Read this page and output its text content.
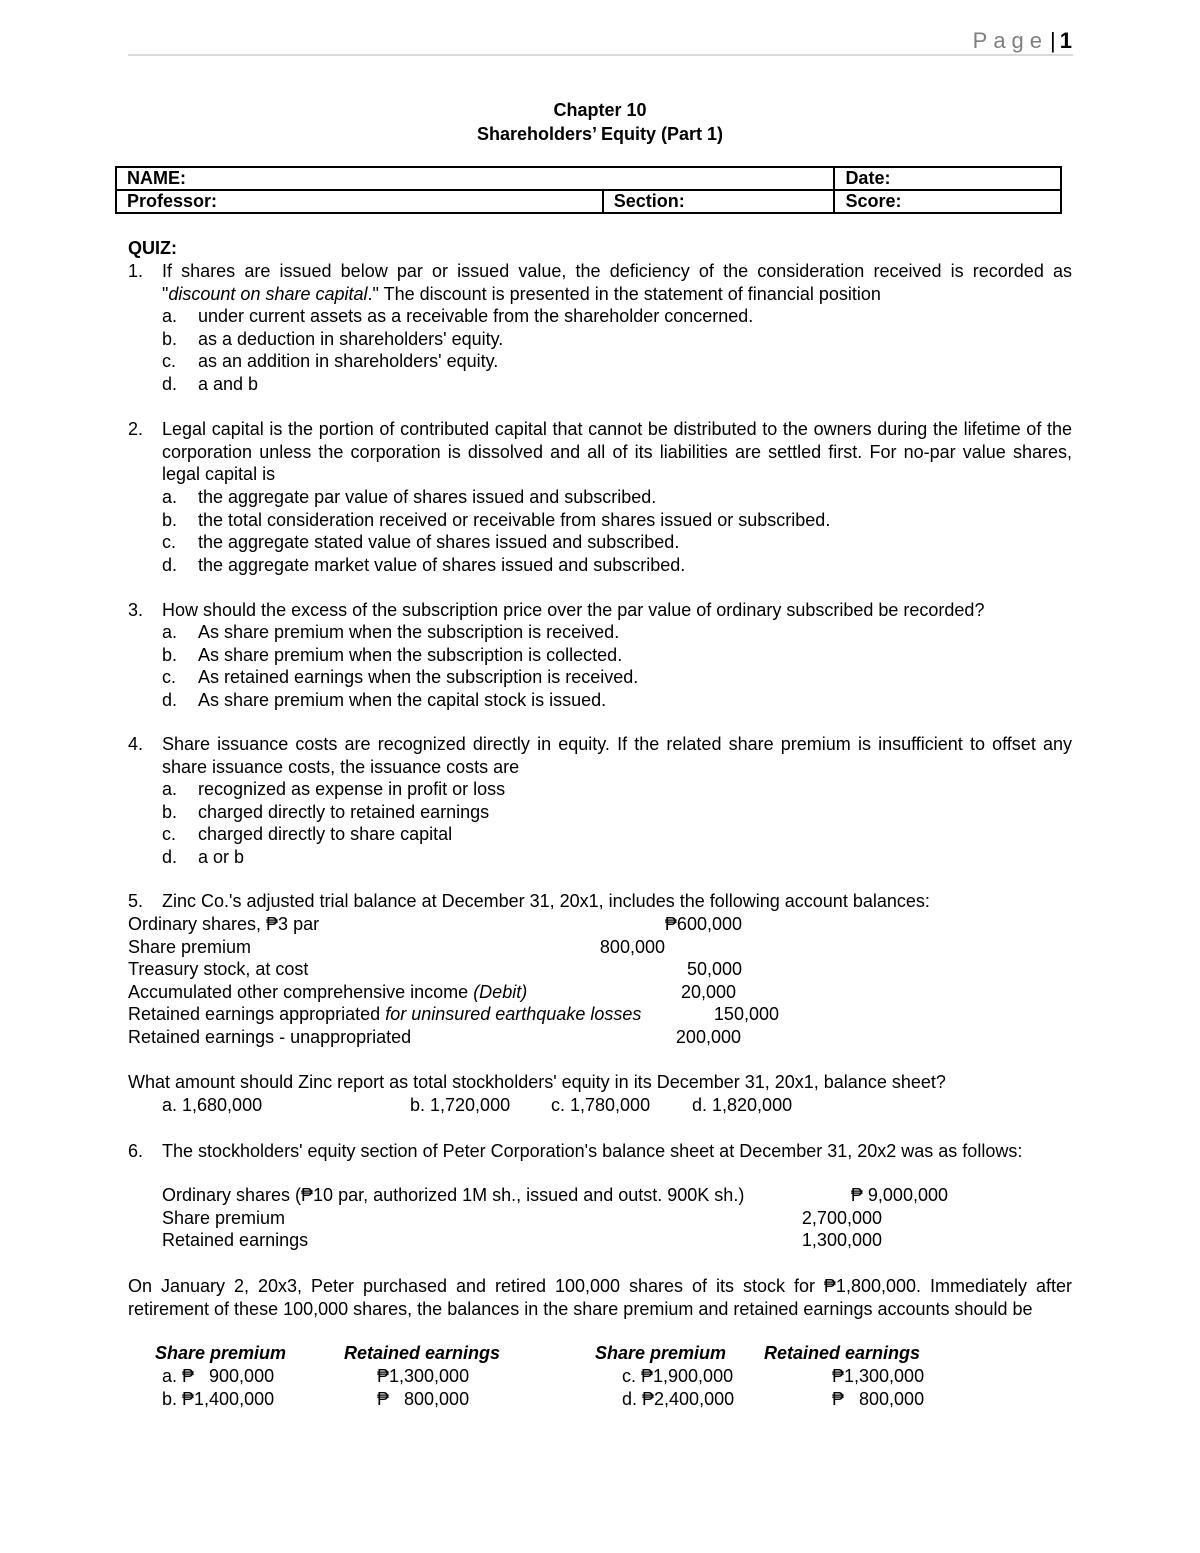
Page| 1
Chapter 10
Shareholders’ Equity (Part 1)
NAME:		Date:
Professor:	Section:	Score:
QUIZ:
1.	If shares are issued below par or issued value, the deficiency of the consideration received is recorded as "discount on share capital." The discount is presented in the statement of financial position
a.	under current assets as a receivable from the shareholder concerned.
b.	as a deduction in shareholders' equity.
c.	as an addition in shareholders' equity.
d.	a and b
2.	Legal capital is the portion of contributed capital that cannot be distributed to the owners during the lifetime of the corporation unless the corporation is dissolved and all of its liabilities are settled first. For no-par value shares, legal capital is
a.	the aggregate par value of shares issued and subscribed.
b.	the total consideration received or receivable from shares issued or subscribed.
c.	the aggregate stated value of shares issued and subscribed.
d.	the aggregate market value of shares issued and subscribed.
3.	How should the excess of the subscription price over the par value of ordinary subscribed be recorded?
a.	As share premium when the subscription is received.
b.	As share premium when the subscription is collected.
c.	As retained earnings when the subscription is received.
d.	As share premium when the capital stock is issued.
4.	Share issuance costs are recognized directly in equity. If the related share premium is insufficient to offset any share issuance costs, the issuance costs are
a.	recognized as expense in profit or loss
b.	charged directly to retained earnings
c.	charged directly to share capital
d.	a or b
5. Zinc Co.'s adjusted trial balance at December 31, 20x1, includes the following account balances:
Ordinary shares, ₱3 par	₱600,000
Share premium	800,000
Treasury stock, at cost	50,000
Accumulated other comprehensive income (Debit)	20,000
Retained earnings appropriated for uninsured earthquake losses	150,000
Retained earnings - unappropriated	200,000
What amount should Zinc report as total stockholders' equity in its December 31, 20x1, balance sheet?
a. 1,680,000	b. 1,720,000 c. 1,780,000 d. 1,820,000
6.	The stockholders' equity section of Peter Corporation's balance sheet at December 31, 20x2 was as follows:
Ordinary shares (₱10 par, authorized 1M sh., issued and outst. 900K sh.)	₱ 9,000,000
Share premium	2,700,000
Retained earnings	1,300,000
On January 2, 20x3, Peter purchased and retired 100,000 shares of its stock for ₱1,800,000. Immediately after retirement of these 100,000 shares, the balances in the share premium and retained earnings accounts should be
Share premium	Retained earnings	Share premium Retained earnings
a. ₱   900,000	₱1,300,000
b. ₱1,400,000	₱   800,000
c. ₱1,900,000	₱1,300,000
d. ₱2,400,000	₱   800,000
